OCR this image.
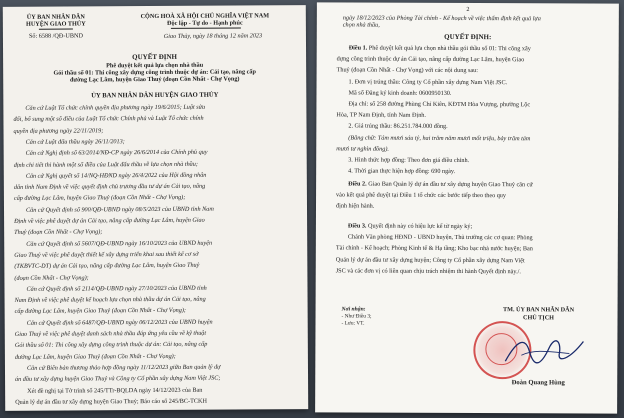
ỦY BAN NHÂN DÂN
HUYỆN GIAO THỦY
Số: 6588 /QĐ-UBND
CỘNG HOÀ XÃ HỘI CHỦ NGHĨA VIỆT NAM
Độc lập - Tự do - Hạnh phúc
Giao Thủy, ngày 18 tháng 12 năm 2023
QUYẾT ĐỊNH
Phê duyệt kết quả lựa chọn nhà thầu
Gói thầu số 01: Thi công xây dựng công trình thuộc dự án: Cải tạo, nâng cấp
đường Lạc Lâm, huyện Giao Thuỷ (đoạn Cồn Nhất - Chợ Vọng)
ỦY BAN NHÂN DÂN HUYỆN GIAO THỦY
Căn cứ Luật Tổ chức chính quyền địa phương ngày 19/6/2015; Luật sửa
đổi, bổ sung một số điều của Luật Tổ chức Chính phủ và Luật Tổ chức chính
quyền địa phương ngày 22/11/2019;
Căn cứ Luật đấu thầu ngày 26/11/2013;
Căn cứ Nghị định số 63/2014/NĐ-CP ngày 26/6/2014 của Chính phủ quy
định chi tiết thi hành một số điều của Luật đấu thầu về lựa chọn nhà thầu;
Căn cứ Nghị quyết số 14/NQ-HĐND ngày 26/4/2022 của Hội đồng nhân
dân tỉnh Nam Định về việc quyết định chủ trương đầu tư dự án Cải tạo, nâng
cấp đường Lạc Lâm, huyện Giao Thuỷ (đoạn Cồn Nhất - Chợ Vọng);
Căn cứ Quyết định số 900/QĐ-UBND ngày 08/5/2023 của UBND tỉnh Nam
Định về việc phê duyệt dự án Cải tạo, nâng cấp đường Lạc Lâm, huyện Giao
Thuỷ (đoạn Cồn Nhất - Chợ Vọng);
Căn cứ Quyết định số 5607/QĐ-UBND ngày 16/10/2023 của UBND huyện
Giao Thuỷ về việc phê duyệt thiết kế xây dựng triển khai sau thiết kế cơ sở
(TKBVTC-DT) dự án Cải tạo, nâng cấp đường Lạc Lâm, huyện Giao Thuỷ
(đoạn Cồn Nhất - Chợ Vọng);
Căn cứ Quyết định số 2114/QĐ-UBND ngày 27/10/2023 của UBND tỉnh
Nam Định về việc phê duyệt kế hoạch lựa chọn nhà thầu dự án Cải tạo, nâng
cấp đường Lạc Lâm, huyện Giao Thuỷ (đoạn Cồn Nhất - Chợ Vọng);
Căn cứ Quyết định số 6487/QĐ-UBND ngày 06/12/2023 của UBND huyện
Giao Thuỷ về việc phê duyệt danh sách nhà thầu đáp ứng yêu cầu về kỹ thuật
Gói thầu số 01: Thi công xây dựng công trình thuộc dự án: Cải tạo, nâng cấp
đường Lạc Lâm, huyện Giao Thuỷ (đoạn Cồn Nhất - Chợ Vọng);
Căn cứ Biên bản thương thảo hợp đồng ngày 11/12/2023 giữa Ban quản lý dự
án đầu tư xây dựng huyện Giao Thuỷ và Công ty Cổ phần xây dựng Nam Việt JSC;
Xét đề nghị tại Tờ trình số 245/TTr-BQLDA ngày 14/12/2023 của Ban
Quản lý dự án đầu tư xây dựng huyện Giao Thuỷ; Báo cáo số 245/BC-TCKH
2
ngày 18/12/2023 của Phòng Tài chính - Kế hoạch về việc thẩm định kết quả lựa
chọn nhà thầu,
QUYẾT ĐỊNH:
Điều 1. Phê duyệt kết quả lựa chọn nhà thầu gói thầu số 01: Thi công xây
dựng công trình thuộc dự án Cải tạo, nâng cấp đường Lạc Lâm, huyện Giao
Thuỷ (đoạn Cồn Nhất - Chợ Vọng) với các nội dung sau:
1. Đơn vị trúng thầu: Công ty Cổ phần xây dựng Nam Việt JSC.
Mã số Đăng ký kinh doanh: 0600950130.
Địa chỉ: số 258 đường Phùng Chí Kiên, KĐTM Hòa Vượng, phường Lộc
Hòa, TP Nam Định, tỉnh Nam Định.
2. Giá trúng thầu: 86.251.784.000 đồng.
(Bằng chữ: Tám mươi sáu tỷ, hai trăm năm mươi mốt triệu, bảy trăm tám
mươi tư nghìn đồng).
3. Hình thức hợp đồng: Theo đơn giá điều chỉnh.
4. Thời gian thực hiện hợp đồng: 690 ngày.
Điều 2. Giao Ban Quản lý dự án đầu tư xây dựng huyện Giao Thuỷ căn cứ
vào kết quả phê duyệt tại Điều 1 tổ chức các bước tiếp theo theo quy
định hiện hành.
Điều 3. Quyết định này có hiệu lực kể từ ngày ký;
Chánh Văn phòng HĐND - UBND huyện, Thủ trưởng các cơ quan: Phòng
Tài chính - Kế hoạch; Phòng Kinh tế & Hạ tầng; Kho bạc nhà nước huyện; Ban
Quản lý dự án đầu tư xây dựng huyện; Công ty Cổ phần xây dựng Nam Việt
JSC và các đơn vị có liên quan chịu trách nhiệm thi hành Quyết định này./.
Nơi nhận:
- Như Điều 3;
- Lưu: VT.
TM. ỦY BAN NHÂN DÂN
CHỦ TỊCH
Đoàn Quang Hùng
